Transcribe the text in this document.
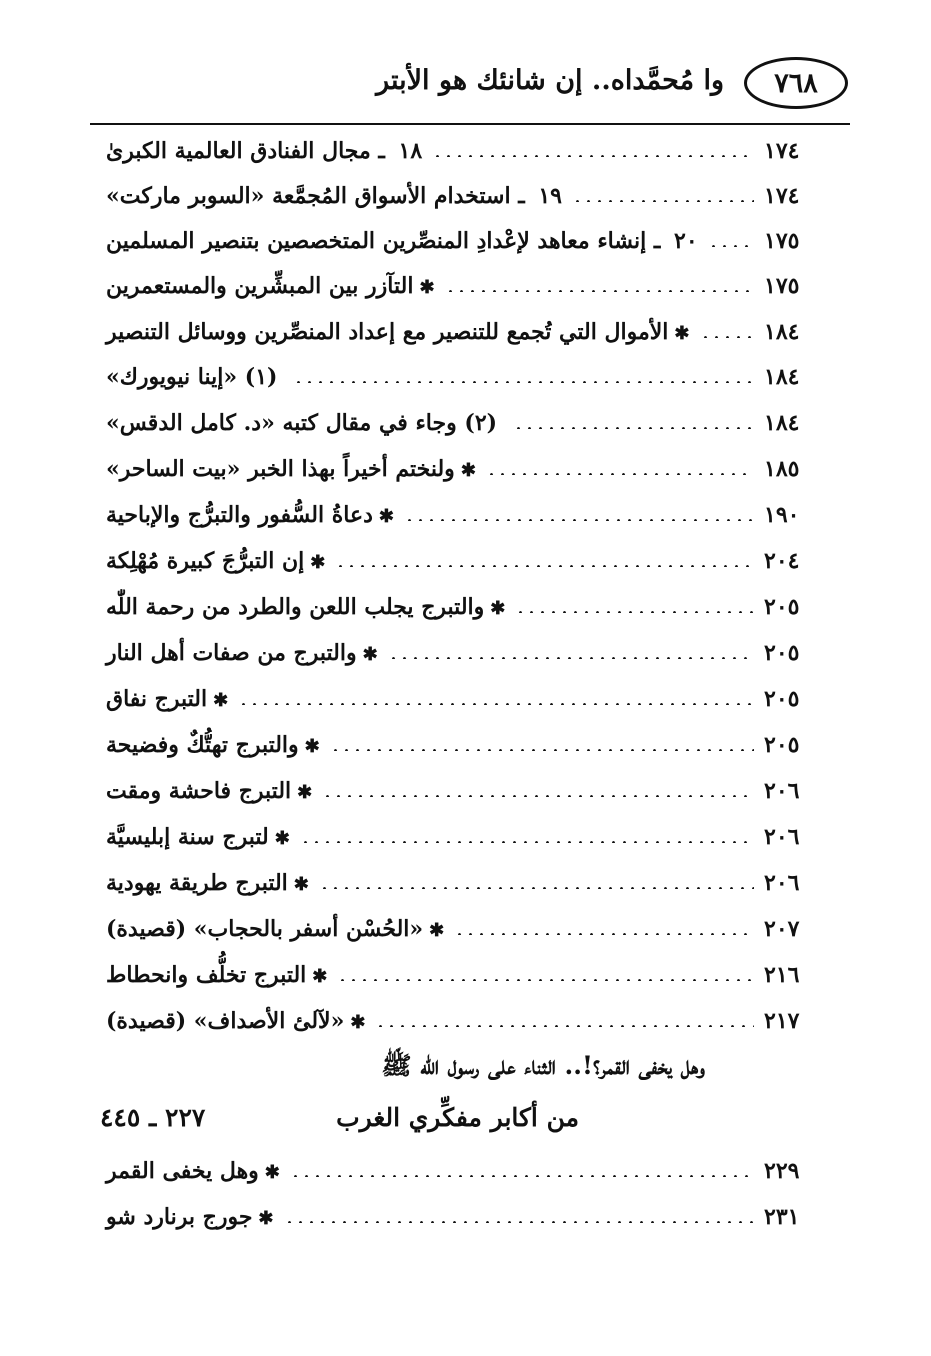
٧٦٨
وا مُحمَّداه.. إن شانئك هو الأبتر
١٨ ـ مجال الفنادق العالمية الكبرىٰ	١٧٤
١٩ ـ استخدام الأسواق المُجمَّعة «السوبر ماركت»	١٧٤
٢٠ ـ إنشاء معاهد لإعْدادِ المنصِّرين المتخصصين بتنصير المسلمين	١٧٥
✱التآزر بين المبشِّرين والمستعمرين	١٧٥
✱الأموال التي تُجمع للتنصير مع إعداد المنصِّرين ووسائل التنصير	١٨٤
(١) «إينا نيويورك»	١٨٤
(٢) وجاء في مقال كتبه «د. كامل الدقس»	١٨٤
✱ولنختم أخيراً بهذا الخبر «بيت الساحر»	١٨٥
✱دعاةُ السُّفور والتبرُّج والإباحية	١٩٠
✱إن التبرُّجَ كبيرة مُهْلِكة	٢٠٤
✱والتبرج يجلب اللعن والطرد من رحمة اللّٰه	٢٠٥
✱والتبرج من صفات أهل النار	٢٠٥
✱التبرج نفاق	٢٠٥
✱والتبرج تهتُّكٌ وفضيحة	٢٠٥
✱التبرج فاحشة ومقت	٢٠٦
✱لتبرج سنة إبليسيَّة	٢٠٦
✱التبرج طريقة يهودية	٢٠٦
✱«الحُسْن أسفر بالحجاب» (قصيدة)	٢٠٧
✱التبرج تخلُّف وانحطاط	٢١٦
✱«لآلئ الأصداف» (قصيدة)	٢١٧
وهل يخفى القمر؟!.. الثناء على رسول اللّٰه ﷺ
من أكابر مفكِّري الغرب
٢٢٧ ـ ٤٤٥
✱وهل يخفى القمر	٢٢٩
✱جورج برنارد شو	٢٣١
